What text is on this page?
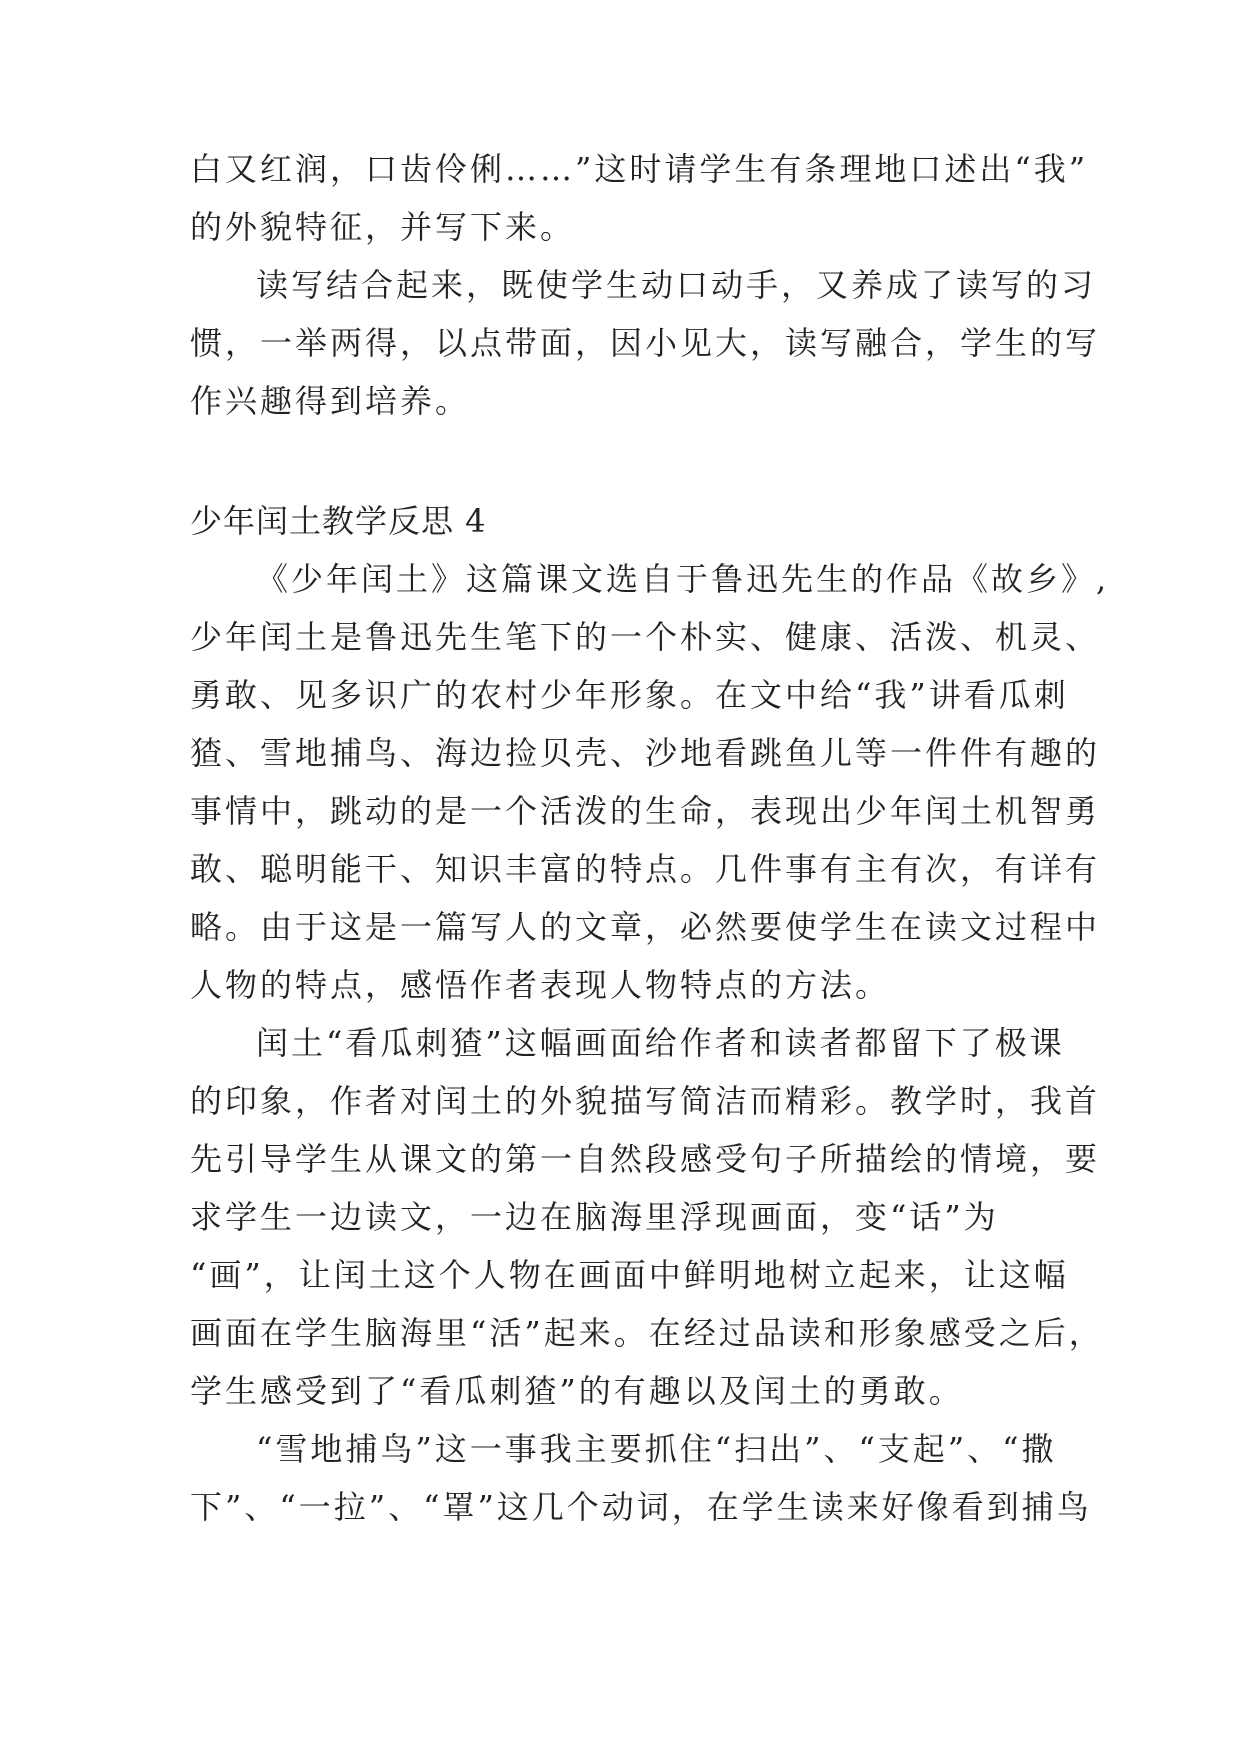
白又红润，口齿伶俐……”这时请学生有条理地口述出“我”
的外貌特征，并写下来。
读写结合起来，既使学生动口动手，又养成了读写的习
惯，一举两得，以点带面，因小见大，读写融合，学生的写
作兴趣得到培养。
少年闰土教学反思 4
《少年闰土》这篇课文选自于鲁迅先生的作品《故乡》,
少年闰土是鲁迅先生笔下的一个朴实、健康、活泼、机灵、
勇敢、见多识广的农村少年形象。在文中给“我”讲看瓜刺
猹、雪地捕鸟、海边捡贝壳、沙地看跳鱼儿等一件件有趣的
事情中，跳动的是一个活泼的生命，表现出少年闰土机智勇
敢、聪明能干、知识丰富的特点。几件事有主有次，有详有
略。由于这是一篇写人的文章，必然要使学生在读文过程中
人物的特点，感悟作者表现人物特点的方法。
闰土“看瓜刺猹”这幅画面给作者和读者都留下了极课
的印象，作者对闰土的外貌描写简洁而精彩。教学时，我首
先引导学生从课文的第一自然段感受句子所描绘的情境，要
求学生一边读文，一边在脑海里浮现画面，变“话”为
“画”，让闰土这个人物在画面中鲜明地树立起来，让这幅
画面在学生脑海里“活”起来。在经过品读和形象感受之后，
学生感受到了“看瓜刺猹”的有趣以及闰土的勇敢。
“雪地捕鸟”这一事我主要抓住“扫出”、“支起”、“撒
下”、“一拉”、“罩”这几个动词，在学生读来好像看到捕鸟
